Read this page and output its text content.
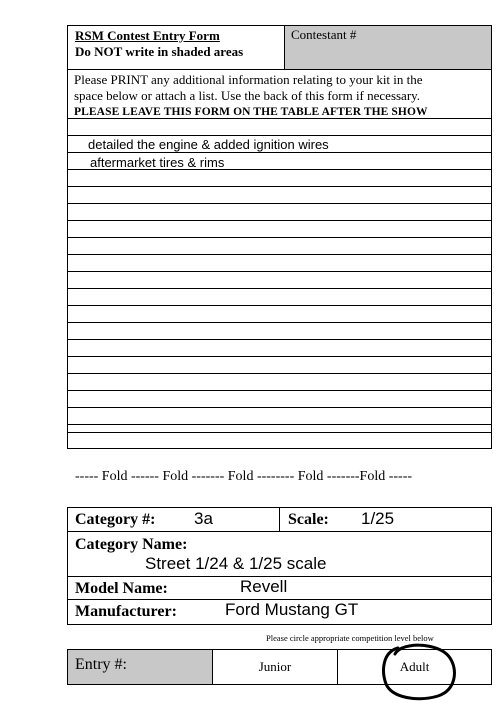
RSM Contest Entry Form
Do NOT write in shaded areas
Contestant #
Please PRINT any additional information relating to your kit in the
space below or attach a list. Use the back of this form if necessary.
PLEASE LEAVE THIS FORM ON THE TABLE AFTER THE SHOW
detailed the engine & added ignition wires
aftermarket tires & rims
----- Fold ------ Fold ------- Fold -------- Fold -------Fold -----
Category #: 3a	Scale: 1/25
Category Name:
Street 1/24 & 1/25 scale
Model Name:	Revell
Manufacturer:	Ford Mustang GT
Please circle appropriate competition level below
Entry #:	Junior	Adult
